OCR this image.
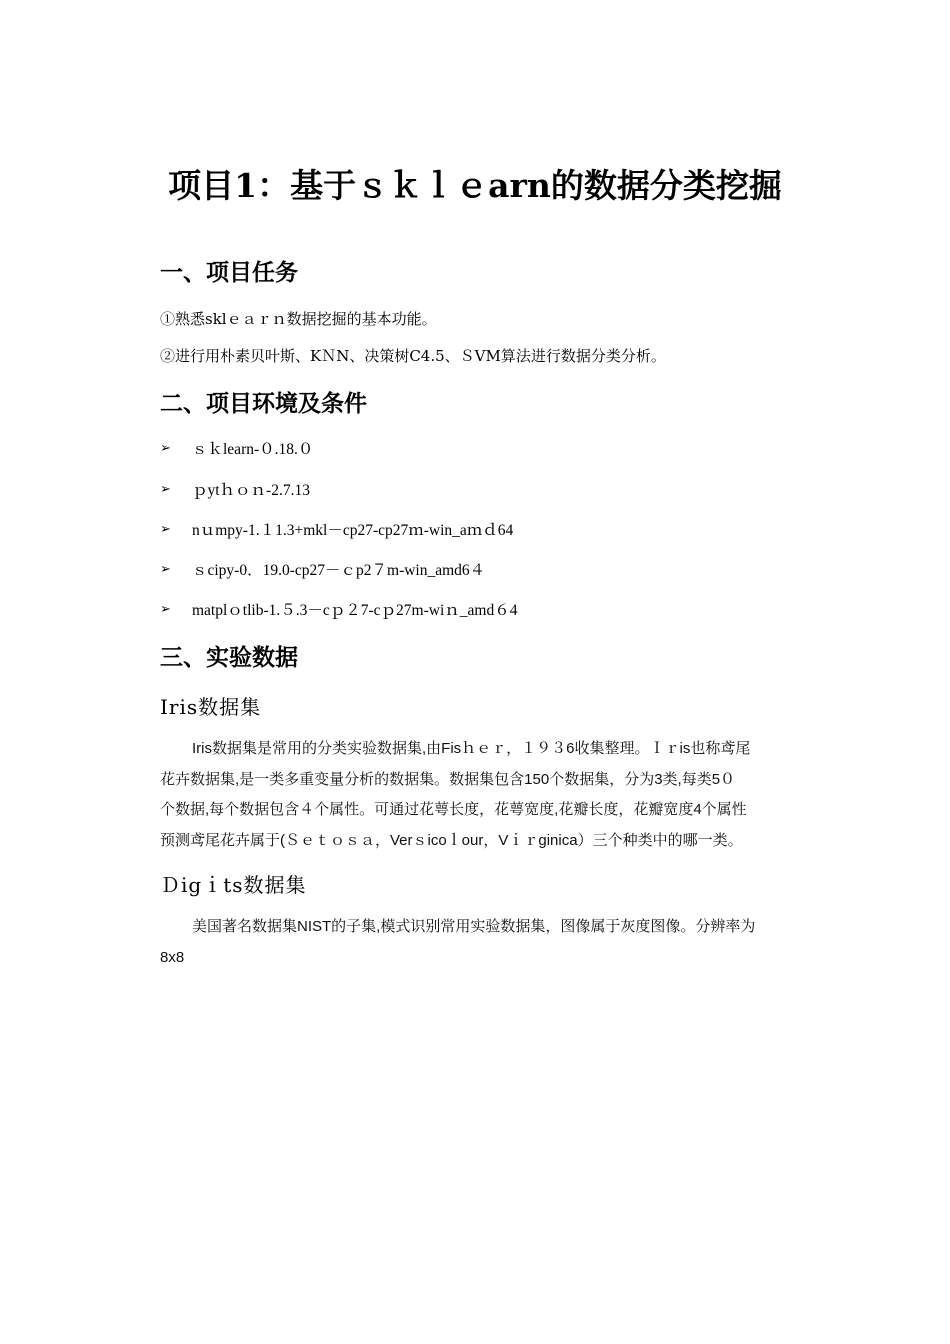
项目1：基于ｓｋｌｅarn的数据分类挖掘
一、项目任务
①熟悉sklｅａｒｎ数据挖掘的基本功能。
②进行用朴素贝叶斯、KＮN、决策树C4.5、ＳVM算法进行数据分类分析。
二、项目环境及条件
➢	ｓｋlearn-０.18.０
➢	ｐytｈｏｎ-2.7.13
➢	nｕmpy-1.１1.3+mkl－cp27-cp27ｍ-win_aｍｄ64
➢	ｓcipy-0．19.0-cp27－ｃp2７m-win_amd6４
➢	matplｏtlib-1.５.3－cｐ２7-cｐ27m-wiｎ_amd６4
三、实验数据
Iris数据集
Iris数据集是常用的分类实验数据集,由Fisｈｅｒ，１９３6收集整理。Ｉｒis也称鸢尾
花卉数据集,是一类多重变量分析的数据集。数据集包含150个数据集，分为3类,每类5０
个数据,每个数据包含４个属性。可通过花萼长度，花萼宽度,花瓣长度，花瓣宽度4个属性
预测鸢尾花卉属于(Ｓｅｔｏｓａ，Verｓicoｌour，Vｉｒginica）三个种类中的哪一类。
Ｄigｉts数据集
美国著名数据集NIST的子集,模式识别常用实验数据集，图像属于灰度图像。分辨率为
8x8
